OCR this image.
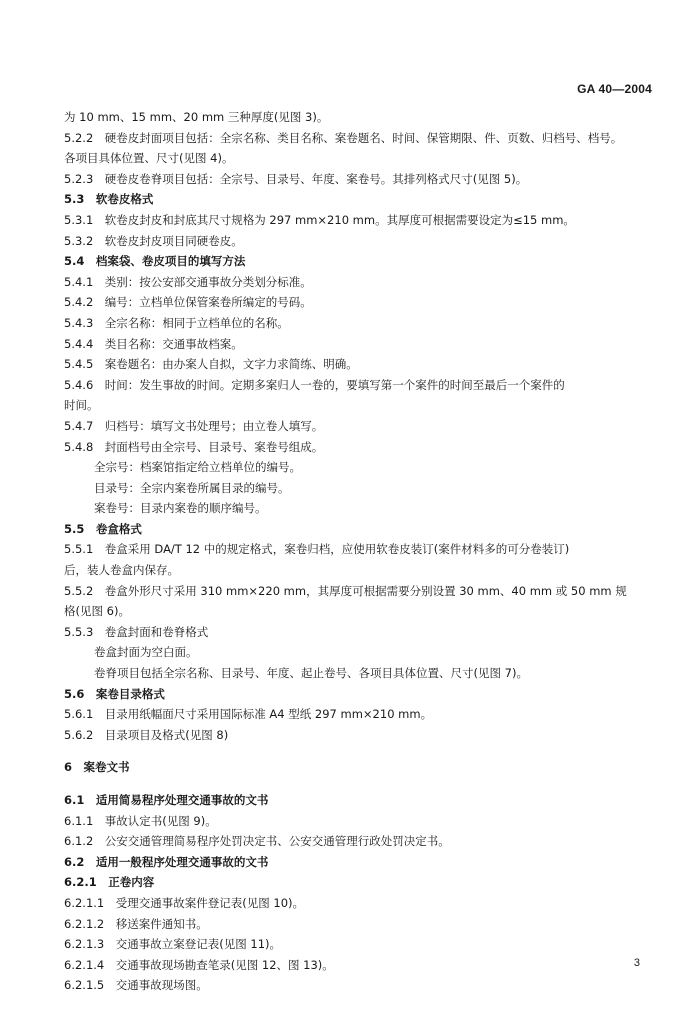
GA 40—2004
为 10 mm、15 mm、20 mm 三种厚度(见图 3)。
5.2.2　硬卷皮封面项目包括：全宗名称、类目名称、案卷题名、时间、保管期限、件、页数、归档号、档号。
各项目具体位置、尺寸(见图 4)。
5.2.3　硬卷皮卷脊项目包括：全宗号、目录号、年度、案卷号。其排列格式尺寸(见图 5)。
5.3　软卷皮格式
5.3.1　软卷皮封皮和封底其尺寸规格为 297 mm×210 mm。其厚度可根据需要设定为≤15 mm。
5.3.2　软卷皮封皮项目同硬卷皮。
5.4　档案袋、卷皮项目的填写方法
5.4.1　类别：按公安部交通事故分类划分标准。
5.4.2　编号：立档单位保管案卷所编定的号码。
5.4.3　全宗名称：相同于立档单位的名称。
5.4.4　类目名称：交通事故档案。
5.4.5　案卷题名：由办案人自拟，文字力求简练、明确。
5.4.6　时间：发生事故的时间。定期多案归人一卷的，要填写第一个案件的时间至最后一个案件的
时间。
5.4.7　归档号：填写文书处理号；由立卷人填写。
5.4.8　封面档号由全宗号、目录号、案卷号组成。
全宗号：档案馆指定给立档单位的编号。
目录号：全宗内案卷所属目录的编号。
案卷号：目录内案卷的顺序编号。
5.5　卷盒格式
5.5.1　卷盒采用 DA/T 12 中的规定格式，案卷归档，应使用软卷皮装订(案件材料多的可分卷装订)
后，装人卷盒内保存。
5.5.2　卷盒外形尺寸采用 310 mm×220 mm，其厚度可根据需要分别设置 30 mm、40 mm 或 50 mm 规
格(见图 6)。
5.5.3　卷盒封面和卷脊格式
卷盒封面为空白面。
卷脊项目包括全宗名称、目录号、年度、起止卷号、各项目具体位置、尺寸(见图 7)。
5.6　案卷目录格式
5.6.1　目录用纸幅面尺寸采用国际标准 A4 型纸 297 mm×210 mm。
5.6.2　目录项目及格式(见图 8)
6　案卷文书
6.1　适用简易程序处理交通事故的文书
6.1.1　事故认定书(见图 9)。
6.1.2　公安交通管理简易程序处罚决定书、公安交通管理行政处罚决定书。
6.2　适用一般程序处理交通事故的文书
6.2.1　正卷内容
6.2.1.1　受理交通事故案件登记表(见图 10)。
6.2.1.2　移送案件通知书。
6.2.1.3　交通事故立案登记表(见图 11)。
6.2.1.4　交通事故现场勘查笔录(见图 12、图 13)。
6.2.1.5　交通事故现场图。
3
